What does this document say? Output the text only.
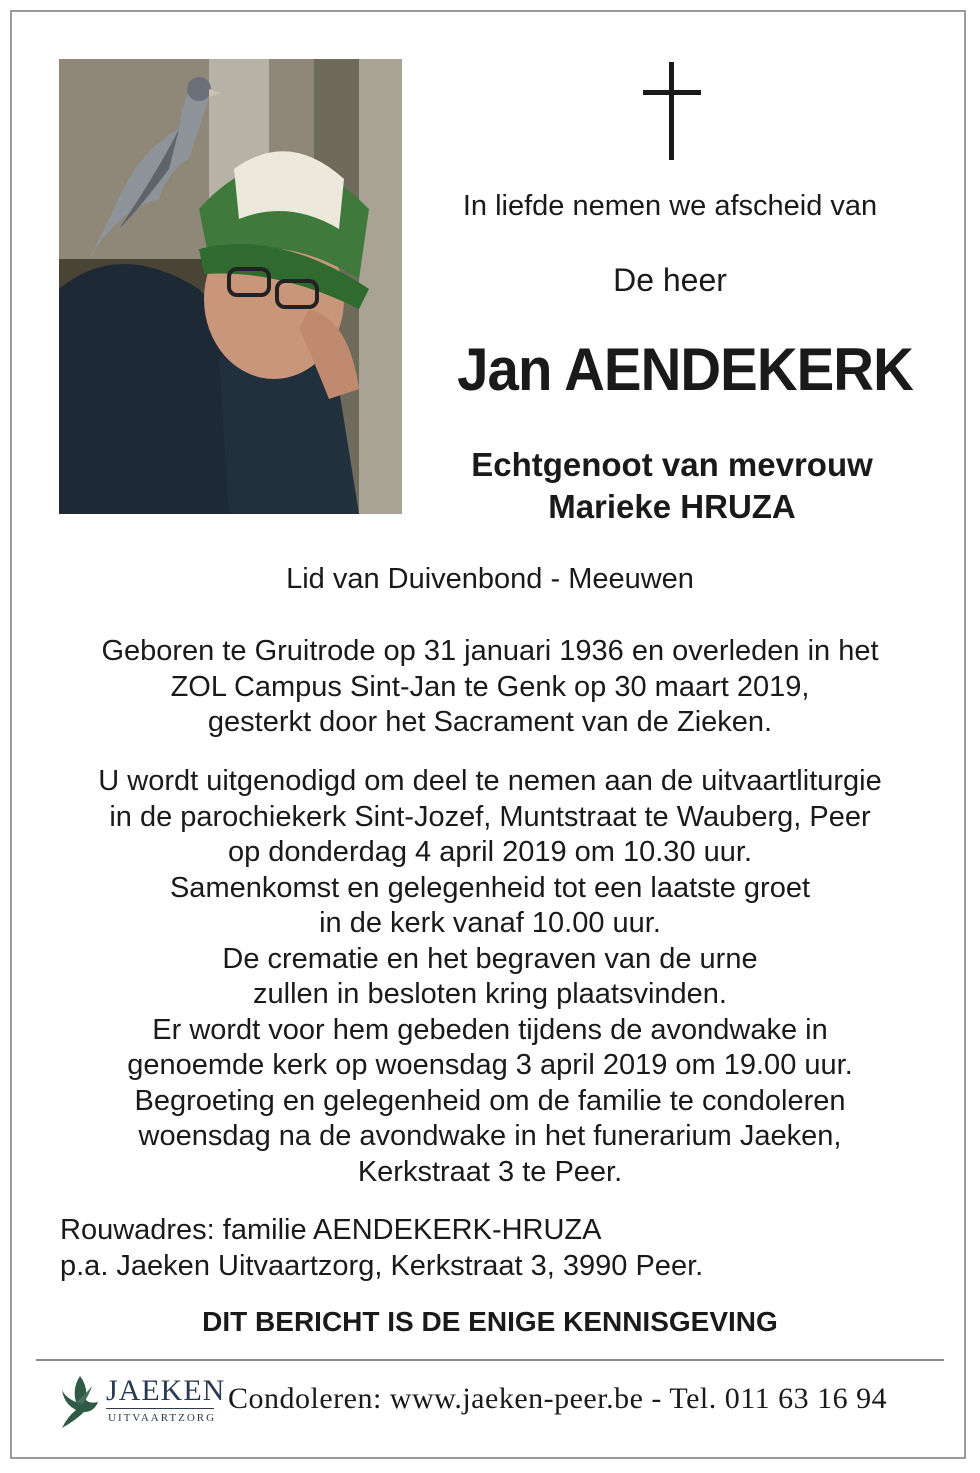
In liefde nemen we afscheid van
De heer
Jan AENDEKERK
Echtgenoot van mevrouw
Marieke HRUZA
Lid van Duivenbond - Meeuwen
Geboren te Gruitrode op 31 januari 1936 en overleden in het
ZOL Campus Sint-Jan te Genk op 30 maart 2019,
gesterkt door het Sacrament van de Zieken.
U wordt uitgenodigd om deel te nemen aan de uitvaartliturgie
in de parochiekerk Sint-Jozef, Muntstraat te Wauberg, Peer
op donderdag 4 april 2019 om 10.30 uur.
Samenkomst en gelegenheid tot een laatste groet
in de kerk vanaf 10.00 uur.
De crematie en het begraven van de urne
zullen in besloten kring plaatsvinden.
Er wordt voor hem gebeden tijdens de avondwake in
genoemde kerk op woensdag 3 april 2019 om 19.00 uur.
Begroeting en gelegenheid om de familie te condoleren
woensdag na de avondwake in het funerarium Jaeken,
Kerkstraat 3 te Peer.
Rouwadres: familie AENDEKERK-HRUZA
p.a. Jaeken Uitvaartzorg, Kerkstraat 3, 3990 Peer.
DIT BERICHT IS DE ENIGE KENNISGEVING
JAEKEN
UITVAARTZORG
Condoleren: www.jaeken-peer.be - Tel. 011 63 16 94
